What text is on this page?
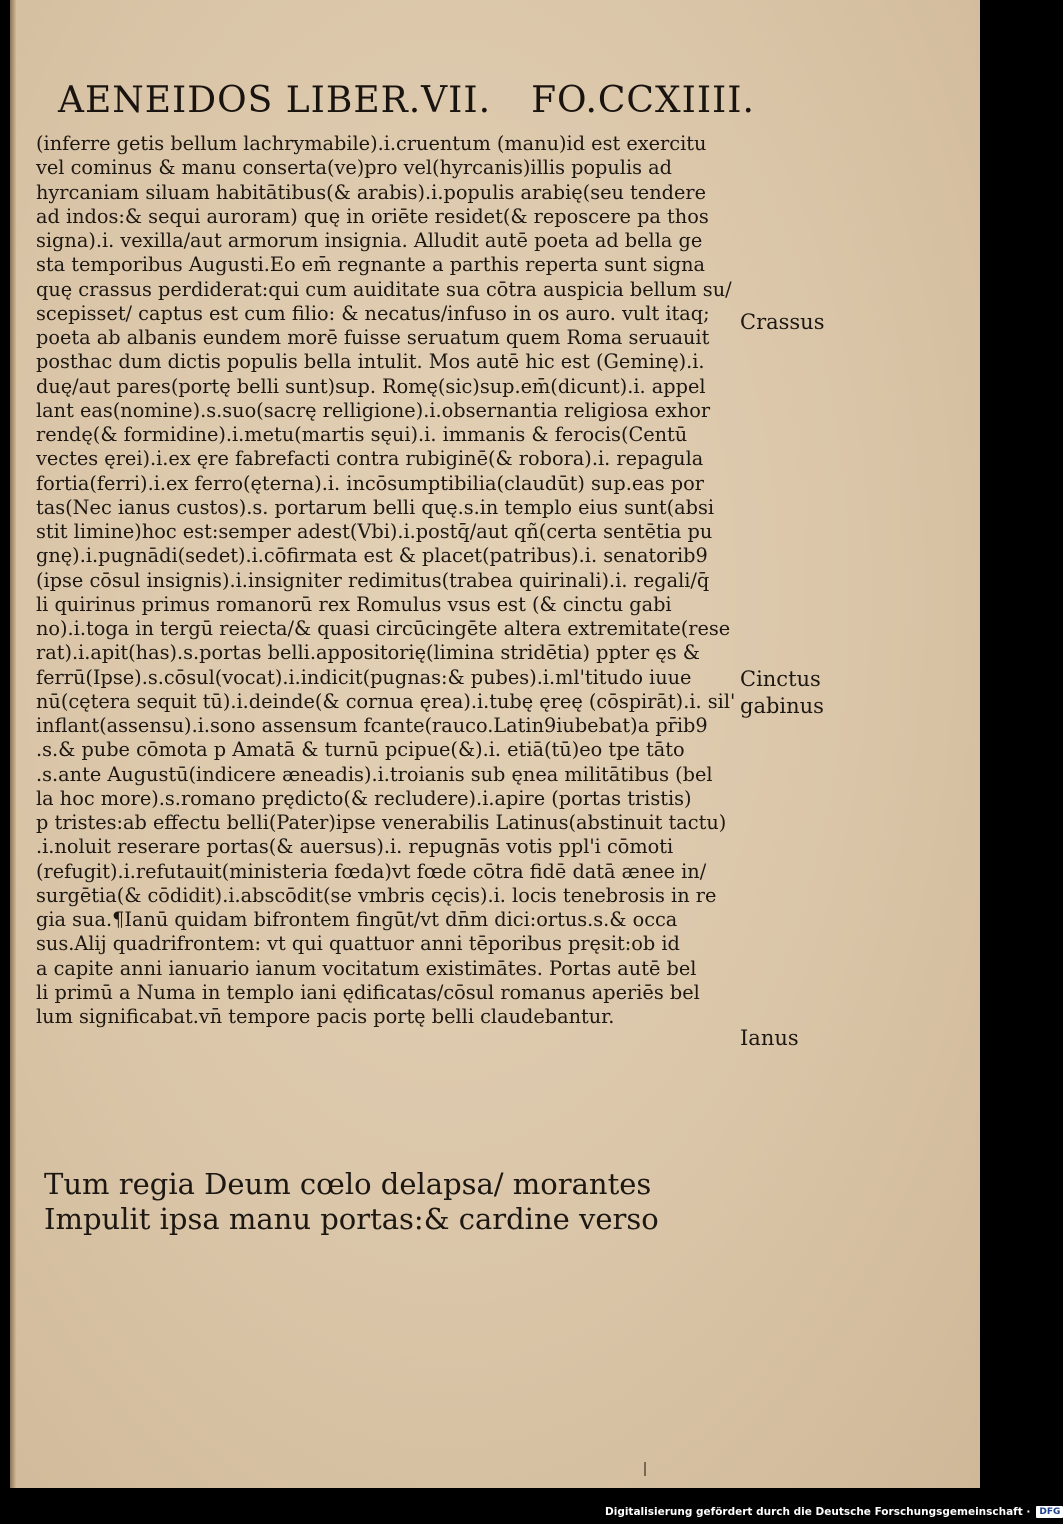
AENEIDOS LIBER.VII. FO.CCXIIII.
(inferre getis bellum lachrymabile).i.cruentum (manu)id est exercitu
vel cominus & manu conserta(ve)pro vel(hyrcanis)illis populis ad
hyrcaniam siluam habitātibus(& arabis).i.populis arabię(seu tendere
ad indos:& sequi auroram) quę in oriēte residet(& reposcere pa thos
signa).i. vexilla/aut armorum insignia. Alludit autē poeta ad bella ge
sta temporibus Augusti.Eo em̄ regnante a parthis reperta sunt signa
quę crassus perdiderat:qui cum auiditate sua cōtra auspicia bellum su/
scepisset/ captus est cum filio: & necatus/infuso in os auro. vult itaq;
poeta ab albanis eundem morē fuisse seruatum quem Roma seruauit
posthac dum dictis populis bella intulit. Mos autē hic est (Geminę).i.
duę/aut pares(portę belli sunt)sup. Romę(sic)sup.em̄(dicunt).i. appel
lant eas(nomine).s.suo(sacrę relligione).i.obsernantia religiosa exhor
rendę(& formidine).i.metu(martis sęui).i. immanis & ferocis(Centū
vectes ęrei).i.ex ęre fabrefacti contra rubiginē(& robora).i. repagula
fortia(ferri).i.ex ferro(ęterna).i. incōsumptibilia(claudūt) sup.eas por
tas(Nec ianus custos).s. portarum belli quę.s.in templo eius sunt(absi
stit limine)hoc est:semper adest(Vbi).i.postq̄/aut qñ(certa sentētia pu
gnę).i.pugnādi(sedet).i.cōfirmata est & placet(patribus).i. senatorib9
(ipse cōsul insignis).i.insigniter redimitus(trabea quirinali).i. regali/q̄
li quirinus primus romanorū rex Romulus vsus est (& cinctu gabi
no).i.toga in tergū reiecta/& quasi circūcingēte altera extremitate(rese
rat).i.apit(has).s.portas belli.appositorię(limina stridētia) ppter ęs &
ferrū(Ipse).s.cōsul(vocat).i.indicit(pugnas:& pubes).i.ml'titudo iuue
nū(cętera sequit tū).i.deinde(& cornua ęrea).i.tubę ęreę (cōspirāt).i. sil'
inflant(assensu).i.sono assensum fcante(rauco.Latin9iubebat)a pr̄ib9
.s.& pube cōmota p Amatā & turnū pcipue(&).i. etiā(tū)eo tpe tāto
.s.ante Augustū(indicere æneadis).i.troianis sub ęnea militātibus (bel
la hoc more).s.romano prędicto(& recludere).i.apire (portas tristis)
p tristes:ab effectu belli(Pater)ipse venerabilis Latinus(abstinuit tactu)
.i.noluit reserare portas(& auersus).i. repugnās votis ppl'i cōmoti
(refugit).i.refutauit(ministeria fœda)vt fœde cōtra fidē datā ænee in/
surgētia(& cōdidit).i.abscōdit(se vmbris cęcis).i. locis tenebrosis in re
gia sua.¶Ianū quidam bifrontem fingūt/vt dn̄m dici:ortus.s.& occa
sus.Alij quadrifrontem: vt qui quattuor anni tēporibus pręsit:ob id
a capite anni ianuario ianum vocitatum existimātes. Portas autē bel
li primū a Numa in templo iani ędificatas/cōsul romanus aperiēs bel
lum significabat.vn̄ tempore pacis portę belli claudebantur.
Tum regia Deum cœlo delapsa/ morantes
Impulit ipsa manu portas:& cardine verso
Crassus
Cinctus
gabinus
Ianus
Digitalisierung gefördert durch die Deutsche Forschungsgemeinschaft ·	DFG
